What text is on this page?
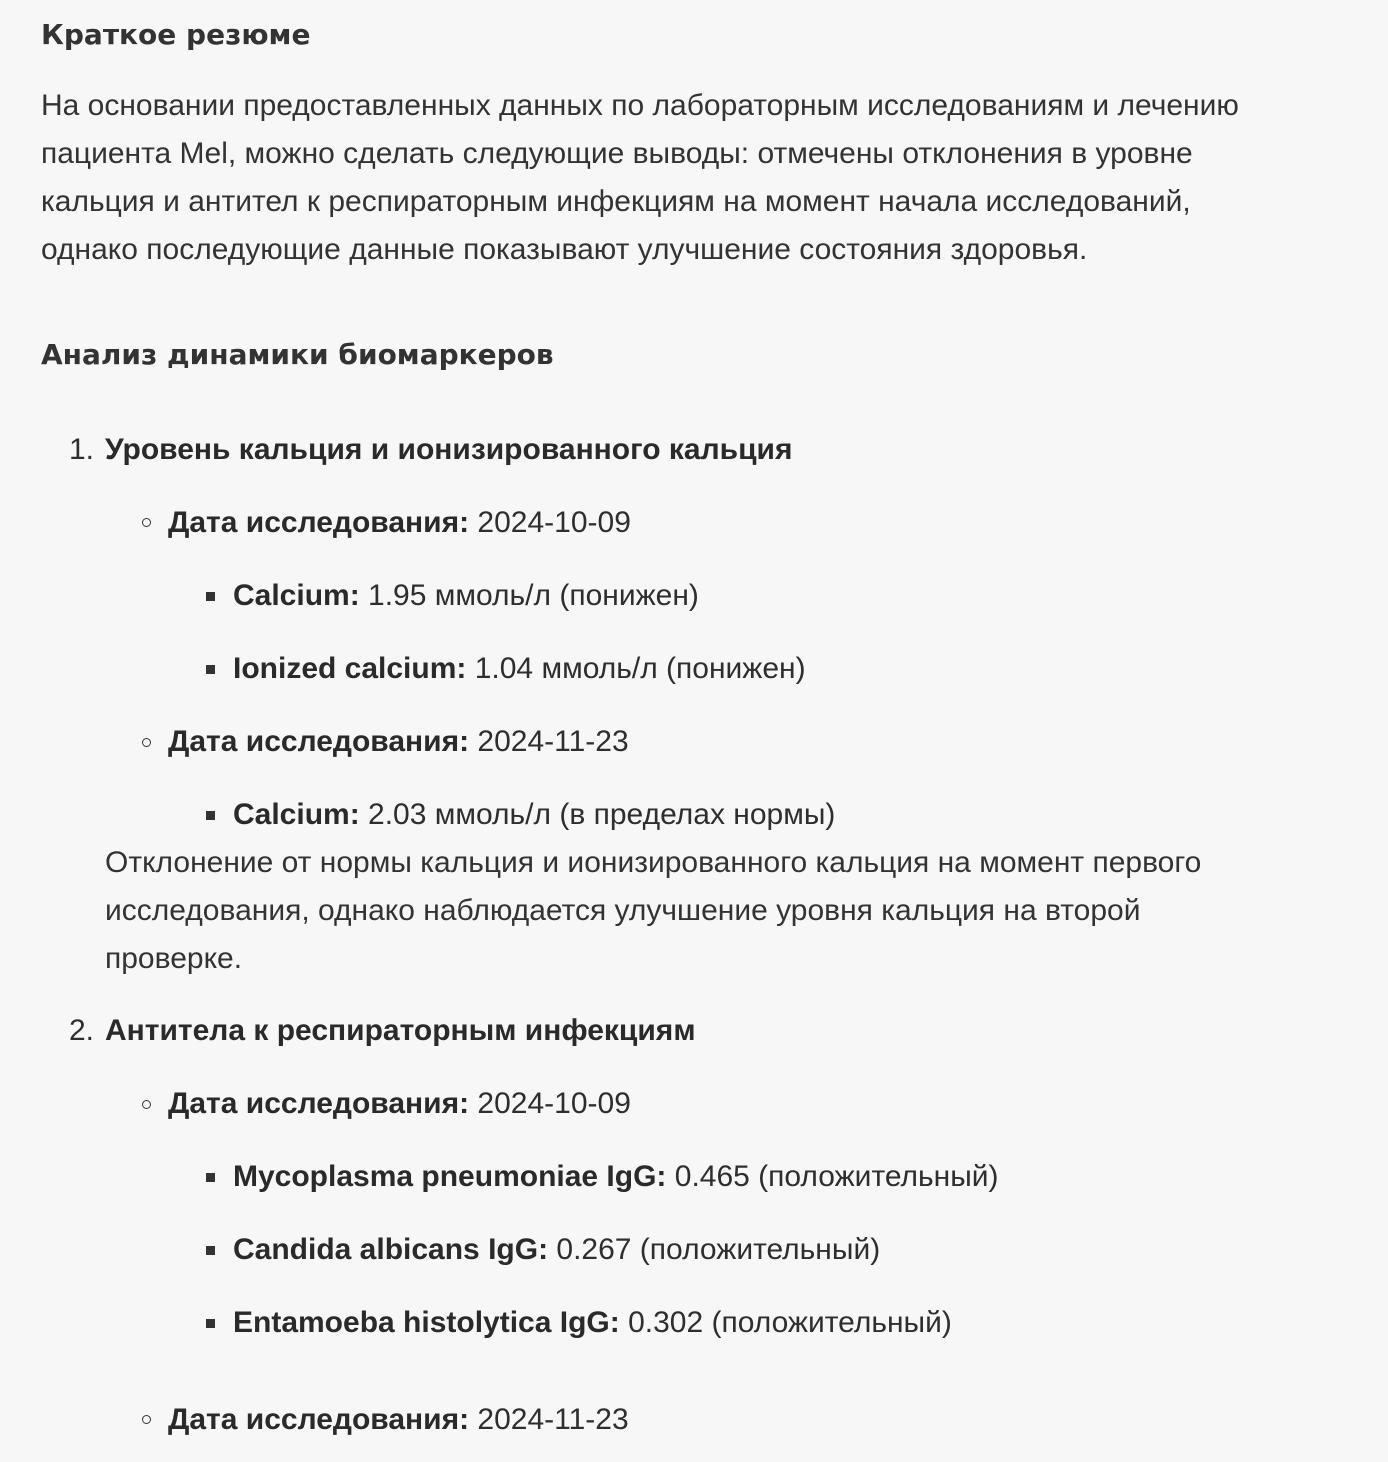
Краткое резюме
На основании предоставленных данных по лабораторным исследованиям и лечению
пациента Mel, можно сделать следующие выводы: отмечены отклонения в уровне
кальция и антител к респираторным инфекциям на момент начала исследований,
однако последующие данные показывают улучшение состояния здоровья.
Анализ динамики биомаркеров
1. Уровень кальция и ионизированного кальция
Дата исследования: 2024-10-09
Calcium: 1.95 ммоль/л (понижен)
Ionized calcium: 1.04 ммоль/л (понижен)
Дата исследования: 2024-11-23
Calcium: 2.03 ммоль/л (в пределах нормы)
Отклонение от нормы кальция и ионизированного кальция на момент первого
исследования, однако наблюдается улучшение уровня кальция на второй
проверке.
2. Антитела к респираторным инфекциям
Дата исследования: 2024-10-09
Mycoplasma pneumoniae IgG: 0.465 (положительный)
Candida albicans IgG: 0.267 (положительный)
Entamoeba histolytica IgG: 0.302 (положительный)
Дата исследования: 2024-11-23
